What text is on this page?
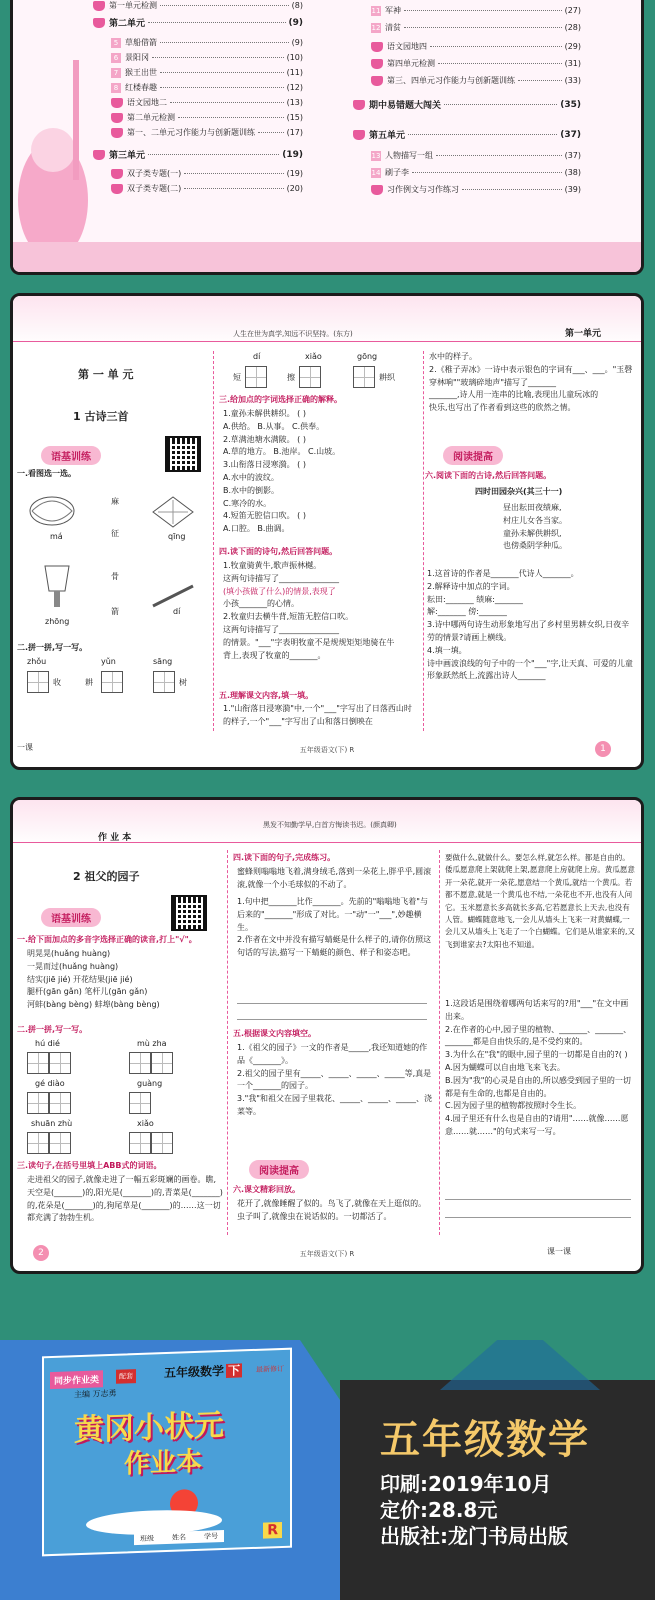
第一单元检测	(8)
第二单元	(9)
5 草船借箭	(9)
6 景阳冈	(10)
7 猴王出世	(11)
8 红楼春趣	(12)
语文园地二	(13)
第二单元检测	(15)
第一、二单元习作能力与创新题训练	(17)
第三单元	(19)
双子类专题(一)	(19)
双子类专题(二)	(20)
11 军神	(27)
12 清贫	(28)
语文园地四	(29)
第四单元检测	(31)
第三、四单元习作能力与创新题训练	(33)
期中易错题大闯关	(35)
第五单元	(37)
13 人物描写一组	(37)
14 刷子李	(38)
习作例文与习作练习	(39)
人生在世为真学,知远不识坚持。(东方)	第一单元
第 一 单 元
1 古诗三首
语基训练
一.看图选一选。
má	qīng
zhōng
dí
麻
征
骨
箭
二.拼一拼,写一写。
zhǒu	yǔn	sāng
收	耕	树
dí	xiǎo	gōng
短	擦	耕织
三.给加点的字词选择正确的解释。
1.童孙未解供耕织。 ( )
A.供给。 B.从事。 C.供奉。
2.草满池塘水满陂。 ( )
A.草的地方。 B.池岸。 C.山坡。
3.山衔落日浸寒漪。 ( )
A.水中的波纹。
B.水中的倒影。
C.寒冷的水。
4.短笛无腔信口吹。 ( )
A.口腔。 B.曲调。
四.读下面的诗句,然后回答问题。
1.牧童骑黄牛,歌声振林樾。
这两句诗描写了_______________
(填小孩做了什么)的情景,表现了
小孩_______的心情。
2.牧童归去横牛背,短笛无腔信口吹。
这两句诗描写了_______________
的情景。"___"字表明牧童不是规规矩矩地骑在牛
背上,表现了牧童的_______。
五.理解课文内容,填一填。
1."山衔落日浸寒漪"中,一个"___"字写出了日落西山时的样子,一个"___"字写出了山和落日倒映在
水中的样子。
2.《稚子弄冰》一诗中表示银色的字词有___、___。"玉磬穿林响""玻璃碎地声"描写了_______
_______,诗人用一连串的比喻,表现出儿童玩冰的
快乐,也写出了作者看到这些的欣然之情。
阅读提高
六.阅读下面的古诗,然后回答问题。
四时田园杂兴(其三十一)
昼出耘田夜绩麻,
村庄儿女各当家。
童孙未解供耕织,
也傍桑阴学种瓜。
1.这首诗的作者是_______代诗人_______。
2.解释诗中加点的字词。
耘田:_______ 绩麻:_______
解:_______ 傍:_______
3.诗中哪两句诗生动形象地写出了乡村里男耕女织,日夜辛劳的情景?请画上横线。
4.填一填。
诗中画波浪线的句子中的一个"___"字,让天真、可爱的儿童形象跃然纸上,流露出诗人_______
一课	五年级语文(下) R	1
作 业 本
黑发不知勤学早,白首方悔读书迟。(颜真卿)
2 祖父的园子
语基训练
一.给下面加点的多音字选择正确的读音,打上"√"。
明晃晃(huǎng huàng)
一晃而过(huǎng huàng)
结实(jiē jié) 开花结果(jiē jié)
腿杆(gān gǎn) 笔杆儿(gān gǎn)
河蚌(bàng bèng) 蚌埠(bàng bèng)
二.拼一拼,写一写。
hú dié	mù zha
gé diào	guàng
shuān zhù	xiǎo
三.读句子,在括号里填上ABB式的词语。
走进祖父的园子,就像走进了一幅五彩斑斓的画卷。瞧,天空是(_______)的,阳光是(_______)的,青菜是(_______)的,花朵是(_______)的,狗尾草是(_______)的……这一切都充满了勃勃生机。
四.读下面的句子,完成练习。
蜜蜂则嗡嗡地飞着,满身绒毛,落到一朵花上,胖乎乎,圆滚滚,就像一个小毛球似的不动了。
1.句中把_______比作_______。先前的"嗡嗡地飞着"与后来的"_______"形成了对比。一"动"一"___",妙趣横生。
2.作者在文中并没有描写蜻蜓是什么样子的,请你仿照这句话的写法,描写一下蜻蜓的颜色、样子和姿态吧。
五.根据课文内容填空。
1.《祖父的园子》一文的作者是_____,我还知道她的作品《_______》。
2.祖父的园子里有_____、_____、_____、_____等,真是一个_______的园子。
3."我"和祖父在园子里栽花、_____、_____、_____、浇菜等。
阅读提高
六.课文精彩回放。
花开了,就像睡醒了似的。鸟飞了,就像在天上逛似的。虫子叫了,就像虫在说话似的。一切都活了。
要做什么,就做什么。要怎么样,就怎么样。都是自由的。倭瓜愿意爬上架就爬上架,愿意爬上房就爬上房。黄瓜愿意开一朵花,就开一朵花,愿意结一个黄瓜,就结一个黄瓜。若都不愿意,就是一个黄瓜也不结,一朵花也不开,也没有人问它。玉米愿意长多高就长多高,它若愿意长上天去,也没有人管。蝴蝶随意地飞,一会儿从墙头上飞来一对黄蝴蝶,一会儿又从墙头上飞走了一个白蝴蝶。它们是从谁家来的,又飞到谁家去?太阳也不知道。
1.这段话是围绕着哪两句话来写的?用"___"在文中画出来。
2.在作者的心中,园子里的植物、_______、_______、_______都是自由快乐的,是不受约束的。
3.为什么在"我"的眼中,园子里的一切都是自由的?( )
A.因为蝴蝶可以自由地飞来飞去。
B.因为"我"的心灵是自由的,所以感受到园子里的一切都是有生命的,也都是自由的。
C.因为园子里的植物都按照时令生长。
4.园子里还有什么也是自由的?请用"……就像……愿意……就……"的句式来写一写。
2	五年级语文(下) R	课一课
同步作业类	配套	五年级数学 下 最新修订
主编 万志勇
黄冈小状元
作业本
班级	姓名	学号	R
五年级数学
印刷:2019年10月
定价:28.8元
出版社:龙门书局出版
